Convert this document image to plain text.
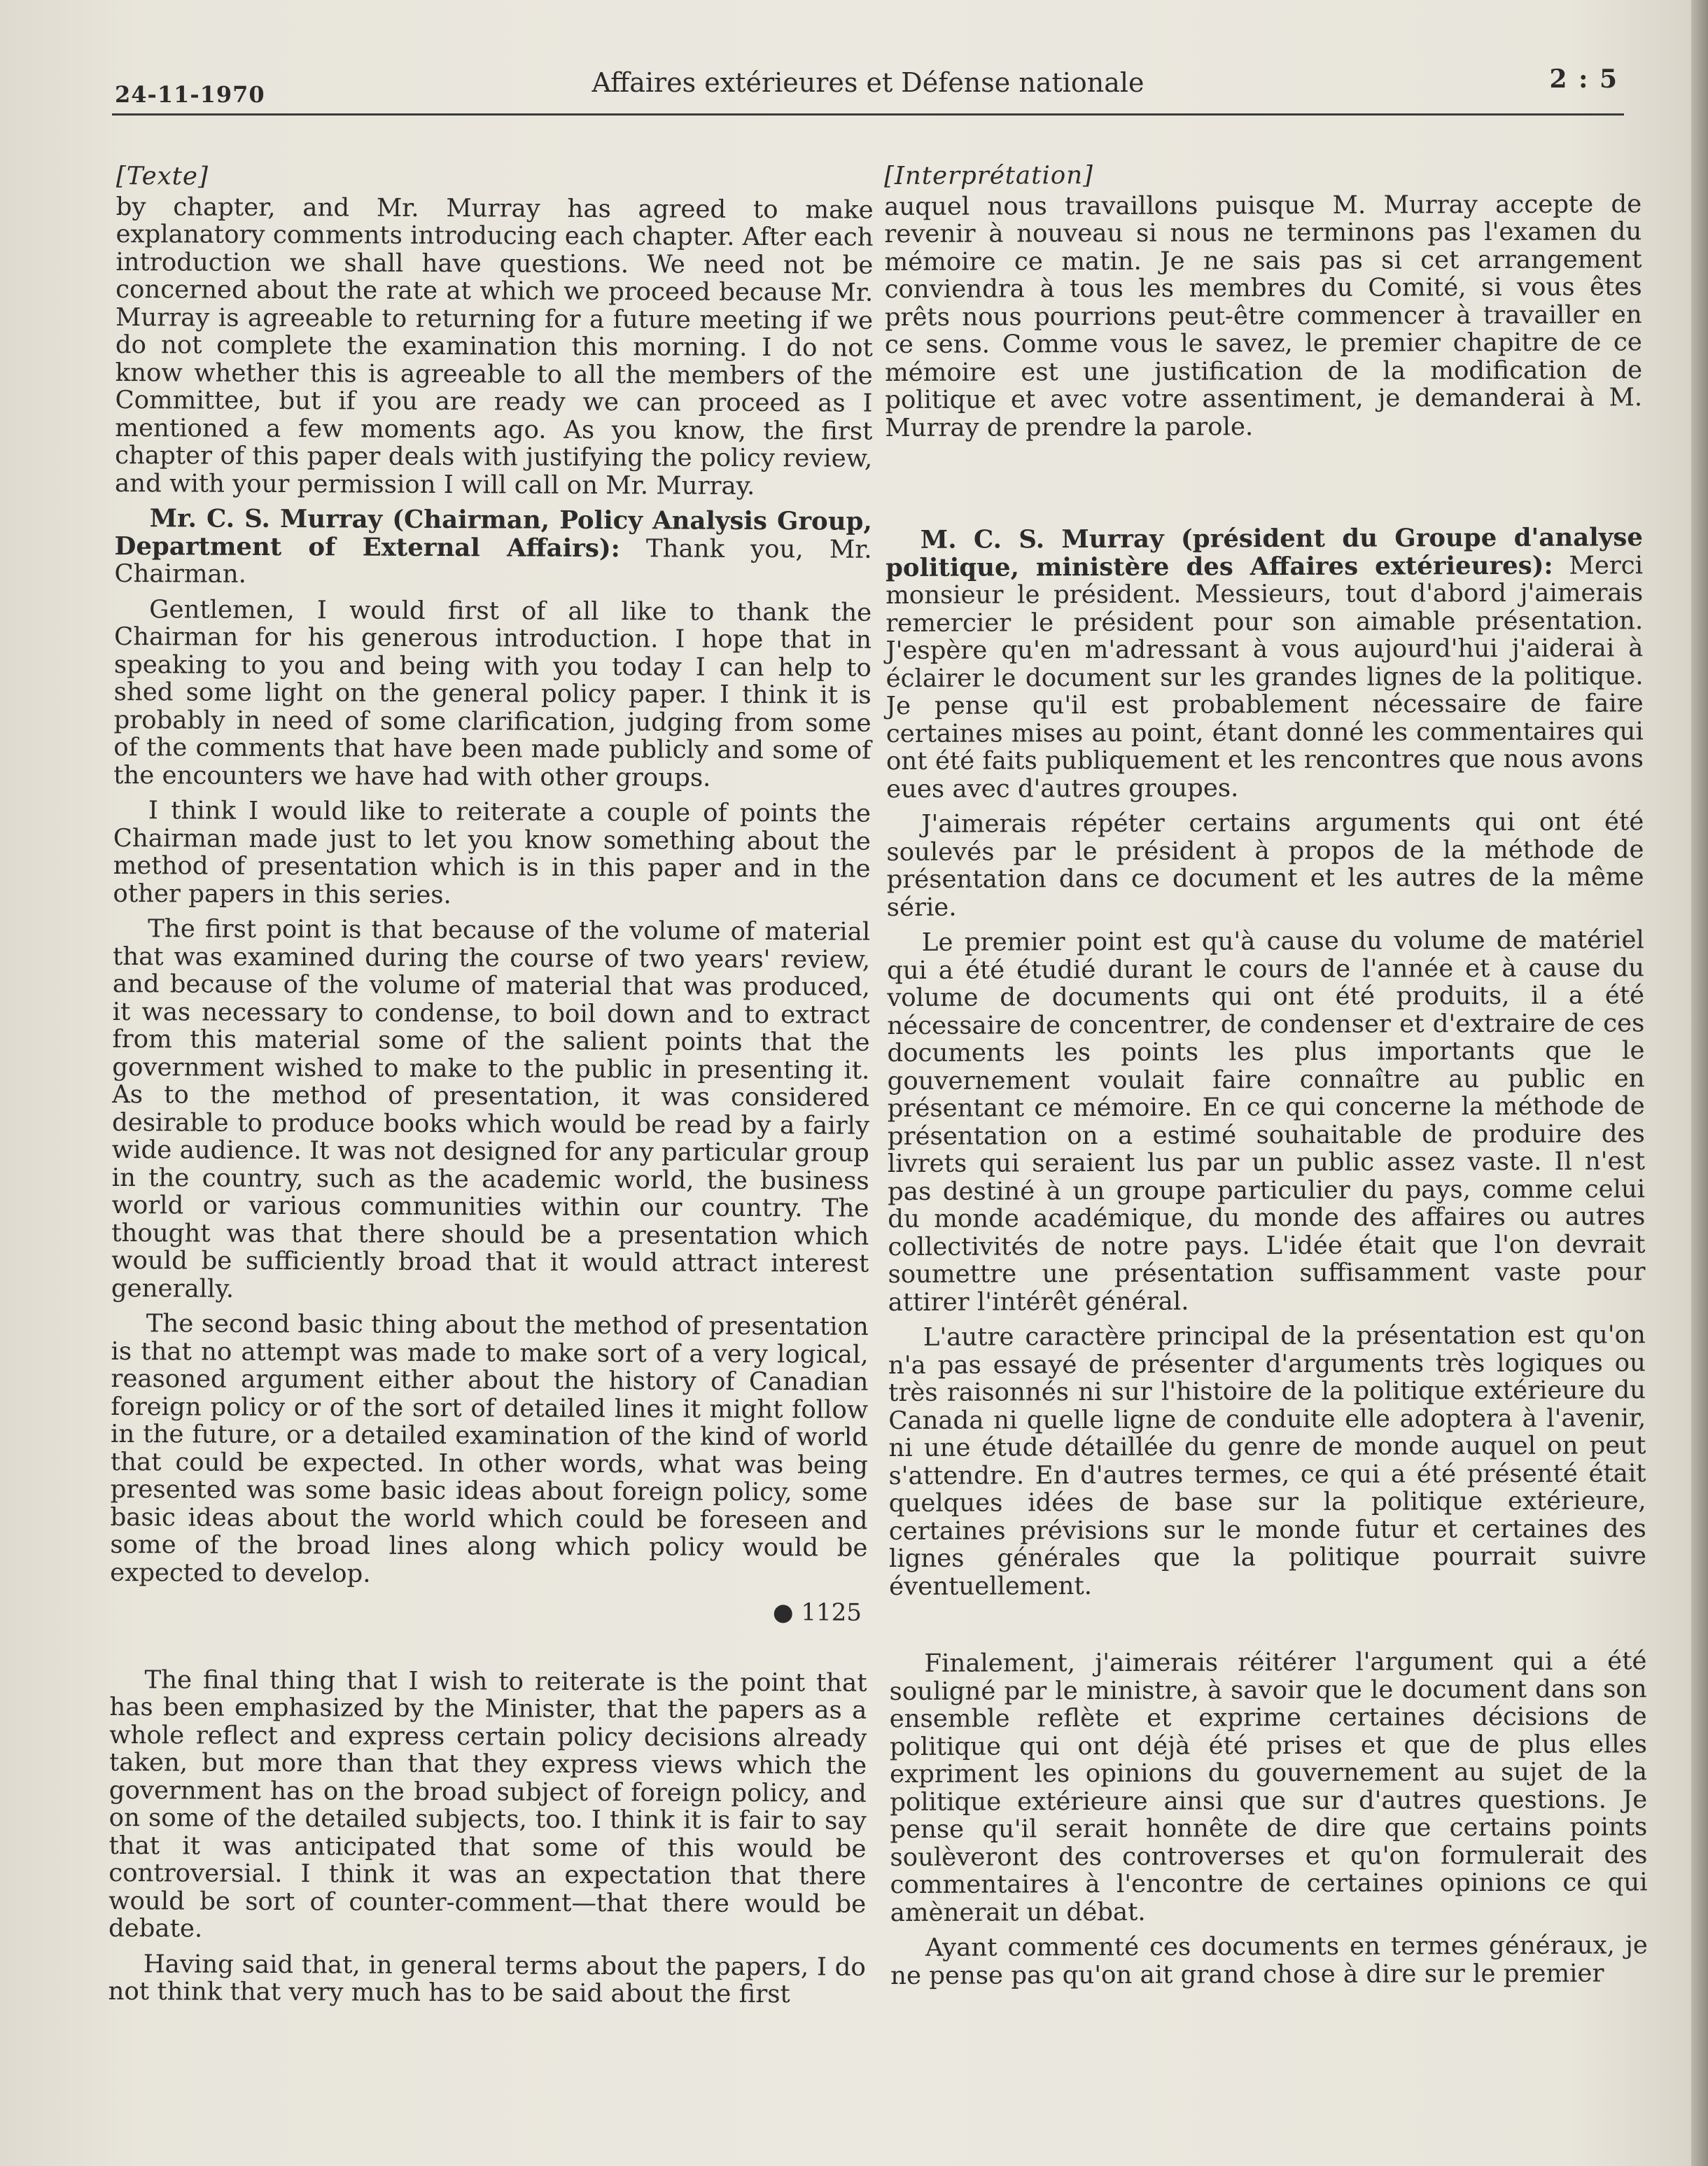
24-11-1970	Affaires extérieures et Défense nationale	2 : 5

[Texte]

by chapter, and Mr. Murray has agreed to make explanatory comments introducing each chapter. After each introduction we shall have questions. We need not be concerned about the rate at which we proceed because Mr. Murray is agreeable to returning for a future meeting if we do not complete the examination this morning. I do not know whether this is agreeable to all the members of the Committee, but if you are ready we can proceed as I mentioned a few moments ago. As you know, the first chapter of this paper deals with justifying the policy review, and with your permission I will call on Mr. Murray.

Mr. C. S. Murray (Chairman, Policy Analysis Group, Department of External Affairs): Thank you, Mr. Chairman.

Gentlemen, I would first of all like to thank the Chairman for his generous introduction. I hope that in speaking to you and being with you today I can help to shed some light on the general policy paper. I think it is probably in need of some clarification, judging from some of the comments that have been made publicly and some of the encounters we have had with other groups.

I think I would like to reiterate a couple of points the Chairman made just to let you know something about the method of presentation which is in this paper and in the other papers in this series.

The first point is that because of the volume of material that was examined during the course of two years' review, and because of the volume of material that was produced, it was necessary to condense, to boil down and to extract from this material some of the salient points that the government wished to make to the public in presenting it. As to the method of presentation, it was considered desirable to produce books which would be read by a fairly wide audience. It was not designed for any particular group in the country, such as the academic world, the business world or various communities within our country. The thought was that there should be a presentation which would be sufficiently broad that it would attract interest generally.

The second basic thing about the method of presentation is that no attempt was made to make sort of a very logical, reasoned argument either about the history of Canadian foreign policy or of the sort of detailed lines it might follow in the future, or a detailed examination of the kind of world that could be expected. In other words, what was being presented was some basic ideas about foreign policy, some basic ideas about the world which could be foreseen and some of the broad lines along which policy would be expected to develop.

● 1125

The final thing that I wish to reiterate is the point that has been emphasized by the Minister, that the papers as a whole reflect and express certain policy decisions already taken, but more than that they express views which the government has on the broad subject of foreign policy, and on some of the detailed subjects, too. I think it is fair to say that it was anticipated that some of this would be controversial. I think it was an expectation that there would be sort of counter-comment—that there would be debate.

Having said that, in general terms about the papers, I do not think that very much has to be said about the first

[Interprétation]

auquel nous travaillons puisque M. Murray accepte de revenir à nouveau si nous ne terminons pas l'examen du mémoire ce matin. Je ne sais pas si cet arrangement conviendra à tous les membres du Comité, si vous êtes prêts nous pourrions peut-être commencer à travailler en ce sens. Comme vous le savez, le premier chapitre de ce mémoire est une justification de la modification de politique et avec votre assentiment, je demanderai à M. Murray de prendre la parole.

M. C. S. Murray (président du Groupe d'analyse politique, ministère des Affaires extérieures): Merci monsieur le président. Messieurs, tout d'abord j'aimerais remercier le président pour son aimable présentation. J'espère qu'en m'adressant à vous aujourd'hui j'aiderai à éclairer le document sur les grandes lignes de la politique. Je pense qu'il est probablement nécessaire de faire certaines mises au point, étant donné les commentaires qui ont été faits publiquement et les rencontres que nous avons eues avec d'autres groupes.

J'aimerais répéter certains arguments qui ont été soulevés par le président à propos de la méthode de présentation dans ce document et les autres de la même série.

Le premier point est qu'à cause du volume de matériel qui a été étudié durant le cours de l'année et à cause du volume de documents qui ont été produits, il a été nécessaire de concentrer, de condenser et d'extraire de ces documents les points les plus importants que le gouvernement voulait faire connaître au public en présentant ce mémoire. En ce qui concerne la méthode de présentation on a estimé souhaitable de produire des livrets qui seraient lus par un public assez vaste. Il n'est pas destiné à un groupe particulier du pays, comme celui du monde académique, du monde des affaires ou autres collectivités de notre pays. L'idée était que l'on devrait soumettre une présentation suffisamment vaste pour attirer l'intérêt général.

L'autre caractère principal de la présentation est qu'on n'a pas essayé de présenter d'arguments très logiques ou très raisonnés ni sur l'histoire de la politique extérieure du Canada ni quelle ligne de conduite elle adoptera à l'avenir, ni une étude détaillée du genre de monde auquel on peut s'attendre. En d'autres termes, ce qui a été présenté était quelques idées de base sur la politique extérieure, certaines prévisions sur le monde futur et certaines des lignes générales que la politique pourrait suivre éventuellement.

Finalement, j'aimerais réitérer l'argument qui a été souligné par le ministre, à savoir que le document dans son ensemble reflète et exprime certaines décisions de politique qui ont déjà été prises et que de plus elles expriment les opinions du gouvernement au sujet de la politique extérieure ainsi que sur d'autres questions. Je pense qu'il serait honnête de dire que certains points soulèveront des controverses et qu'on formulerait des commentaires à l'encontre de certaines opinions ce qui amènerait un débat.

Ayant commenté ces documents en termes généraux, je ne pense pas qu'on ait grand chose à dire sur le premier
